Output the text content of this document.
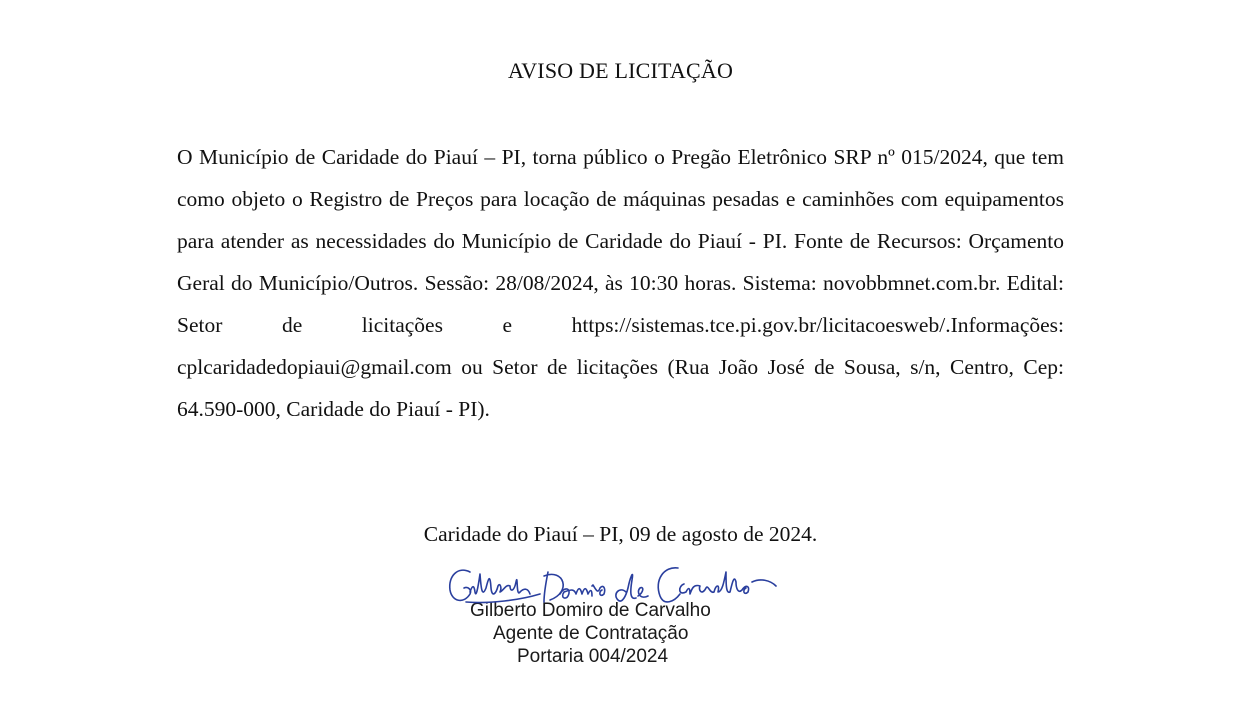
AVISO DE LICITAÇÃO

O Município de Caridade do Piauí – PI, torna público o Pregão Eletrônico SRP nº 015/2024, que tem como objeto o Registro de Preços para locação de máquinas pesadas e caminhões com equipamentos para atender as necessidades do Município de Caridade do Piauí - PI. Fonte de Recursos: Orçamento Geral do Município/Outros. Sessão: 28/08/2024, às 10:30 horas. Sistema: novobbmnet.com.br. Edital: Setor de licitações e https://sistemas.tce.pi.gov.br/licitacoesweb/.Informações: cplcaridadedopiaui@gmail.com ou Setor de licitações (Rua João José de Sousa, s/n, Centro, Cep: 64.590-000, Caridade do Piauí - PI).

Caridade do Piauí – PI, 09 de agosto de 2024.
Gilberto Domiro de Carvalho
Agente de Contratação
Portaria 004/2024
